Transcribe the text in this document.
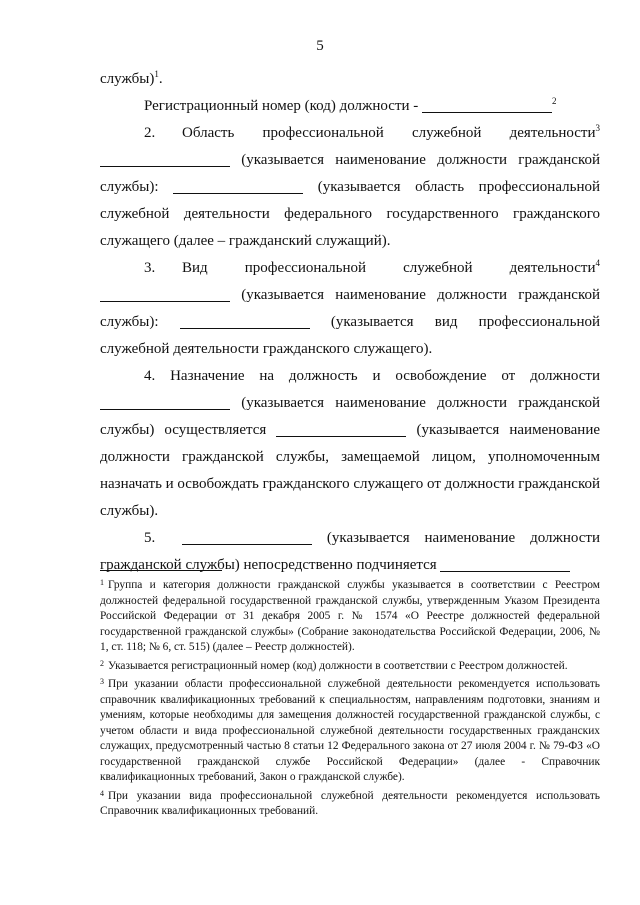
5

службы)$^1$.

Регистрационный номер (код) должности -	$^2$

2. Область профессиональной служебной деятельности$^3$ (указывается наименование должности гражданской службы):	(указывается область профессиональной служебной деятельности федерального государственного гражданского служащего (далее – гражданский служащий).

3. Вид профессиональной служебной деятельности$^4$ (указывается наименование должности гражданской службы):	(указывается вид профессиональной служебной деятельности гражданского служащего).

4. Назначение на должность и освобождение от должности  (указывается наименование должности гражданской службы) осуществляется	(указывается наименование должности гражданской службы, замещаемой лицом, уполномоченным назначать и освобождать гражданского служащего от должности гражданской службы).

5.	(указывается наименование должности гражданской службы) непосредственно подчиняется

$^1$ Группа и категория должности гражданской службы указывается в соответствии с Реестром должностей федеральной государственной гражданской службы, утвержденным Указом Президента Российской Федерации от 31 декабря 2005 г. № 1574 «О Реестре должностей федеральной государственной гражданской службы» (Собрание законодательства Российской Федерации, 2006, № 1, ст. 118; № 6, ст. 515) (далее – Реестр должностей).

$^2$ Указывается регистрационный номер (код) должности в соответствии с Реестром должностей.

$^3$ При указании области профессиональной служебной деятельности рекомендуется использовать справочник квалификационных требований к специальностям, направлениям подготовки, знаниям и умениям, которые необходимы для замещения должностей государственной гражданской службы, с учетом области и вида профессиональной служебной деятельности государственных гражданских служащих, предусмотренный частью 8 статьи 12 Федерального закона от 27 июля 2004 г. № 79-ФЗ «О государственной гражданской службе Российской Федерации» (далее - Справочник квалификационных требований, Закон о гражданской службе).

$^4$ При указании вида профессиональной служебной деятельности рекомендуется использовать Справочник квалификационных требований.
